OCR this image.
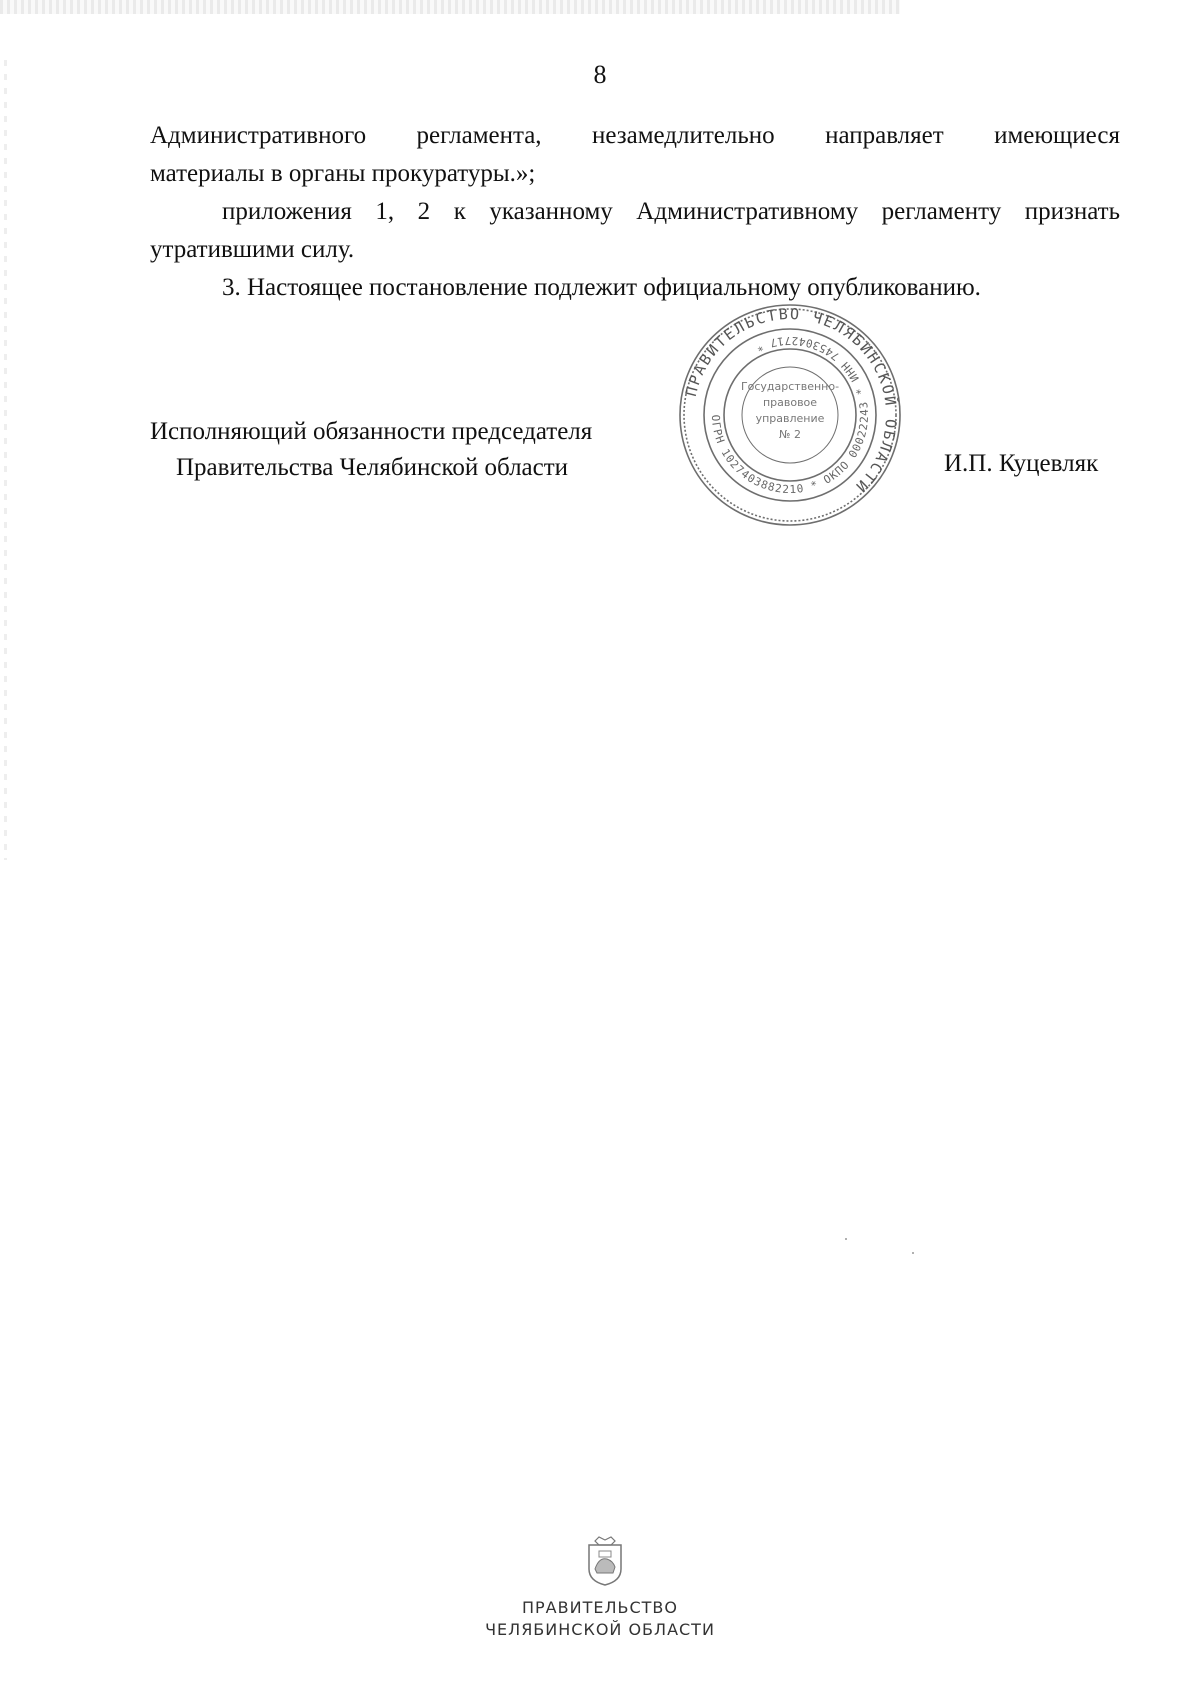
8

Административного регламента, незамедлительно направляет имеющиеся

материалы в органы прокуратуры.»;

приложения 1, 2 к указанному Административному регламенту признать

утратившими силу.

3. Настоящее постановление подлежит официальному опубликованию.

Исполняющий обязанности председателя
Правительства Челябинской области
ПРАВИТЕЛЬСТВО ЧЕЛЯБИНСКОЙ ОБЛАСТИ
ОГРН 1027403882210 * ОКПО 00022243 * ИНН 7453042717 *
Государственно-
правовое
управление
№ 2
И.П. Куцевляк
ПРАВИТЕЛЬСТВО
ЧЕЛЯБИНСКОЙ ОБЛАСТИ
